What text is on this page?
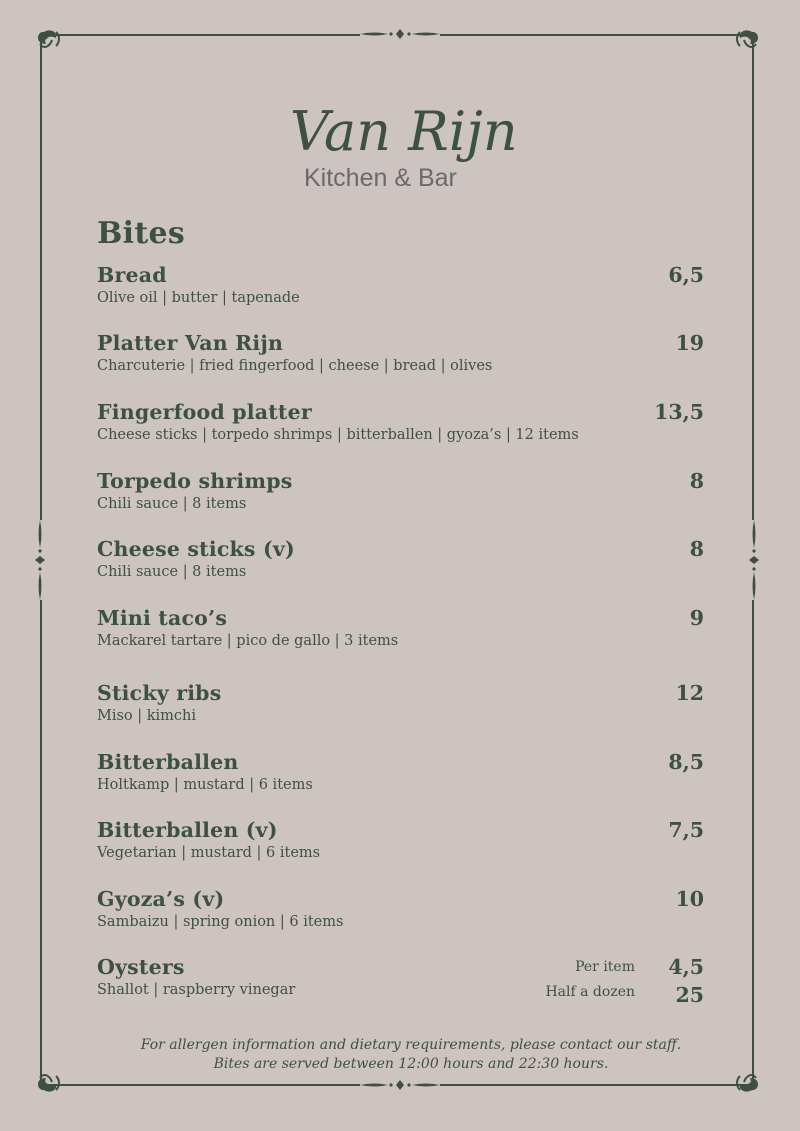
Van Rijn
Kitchen & Bar
Bites
Bread
Olive oil | butter | tapenade
6,5
Platter Van Rijn
Charcuterie | fried fingerfood | cheese | bread | olives
19
Fingerfood platter
Cheese sticks | torpedo shrimps | bitterballen | gyoza’s | 12 items
13,5
Torpedo shrimps
Chili sauce | 8 items
8
Cheese sticks (v)
Chili sauce | 8 items
8
Mini taco’s
Mackarel tartare | pico de gallo | 3 items
9
Sticky ribs
Miso | kimchi
12
Bitterballen
Holtkamp | mustard | 6 items
8,5
Bitterballen (v)
Vegetarian | mustard | 6 items
7,5
Gyoza’s (v)
Sambaizu | spring onion | 6 items
10
Oysters
Shallot | raspberry vinegar
Per item 4,5
Half a dozen 25
For allergen information and dietary requirements, please contact our staff.
Bites are served between 12:00 hours and 22:30 hours.
